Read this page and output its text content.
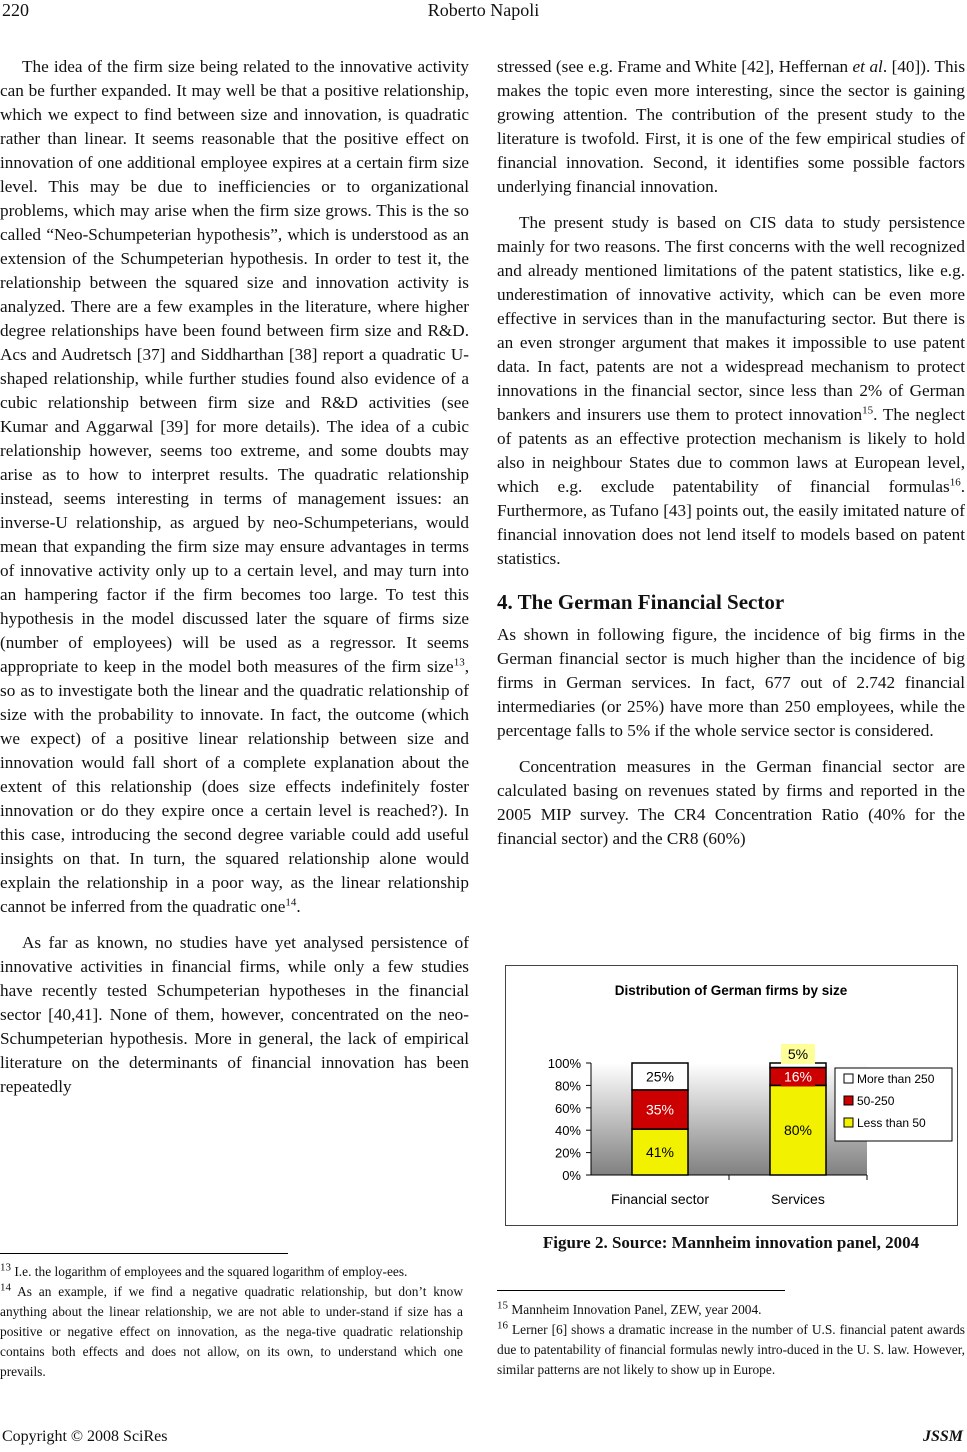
220	Roberto Napoli

The idea of the firm size being related to the innovative activity can be further expanded. It may well be that a positive relationship, which we expect to find between size and innovation, is quadratic rather than linear. It seems reasonable that the positive effect on innovation of one additional employee expires at a certain firm size level. This may be due to inefficiencies or to organizational problems, which may arise when the firm size grows. This is the so called “Neo-Schumpeterian hypothesis”, which is understood as an extension of the Schumpeterian hypothesis. In order to test it, the relationship between the squared size and innovation activity is analyzed. There are a few examples in the literature, where higher degree relationships have been found between firm size and R&D. Acs and Audretsch [37] and Siddharthan [38] report a quadratic U-shaped relationship, while further studies found also evidence of a cubic relationship between firm size and R&D activities (see Kumar and Aggarwal [39] for more details). The idea of a cubic relationship however, seems too extreme, and some doubts may arise as to how to interpret results. The quadratic relationship instead, seems interesting in terms of management issues: an inverse-U relationship, as argued by neo-Schumpeterians, would mean that expanding the firm size may ensure advantages in terms of innovative activity only up to a certain level, and may turn into an hampering factor if the firm becomes too large. To test this hypothesis in the model discussed later the square of firms size (number of employees) will be used as a regressor. It seems appropriate to keep in the model both measures of the firm size$^{13}$, so as to investigate both the linear and the quadratic relationship of size with the probability to innovate. In fact, the outcome (which we expect) of a positive linear relationship between size and innovation would fall short of a complete explanation about the extent of this relationship (does size effects indefinitely foster innovation or do they expire once a certain level is reached?). In this case, introducing the second degree variable could add useful insights on that. In turn, the squared relationship alone would explain the relationship in a poor way, as the linear relationship cannot be inferred from the quadratic one$^{14}$.

As far as known, no studies have yet analysed persistence of innovative activities in financial firms, while only a few studies have recently tested Schumpeterian hypotheses in the financial sector [40,41]. None of them, however, concentrated on the neo-Schumpeterian hypothesis. More in general, the lack of empirical literature on the determinants of financial innovation has been repeatedly

stressed (see e.g. Frame and White [42], Heffernan et al. [40]). This makes the topic even more interesting, since the sector is gaining growing attention. The contribution of the present study to the literature is twofold. First, it is one of the few empirical studies of financial innovation. Second, it identifies some possible factors underlying financial innovation.

The present study is based on CIS data to study persistence mainly for two reasons. The first concerns with the well recognized and already mentioned limitations of the patent statistics, like e.g. underestimation of innovative activity, which can be even more effective in services than in the manufacturing sector. But there is an even stronger argument that makes it impossible to use patent data. In fact, patents are not a widespread mechanism to protect innovations in the financial sector, since less than 2% of German bankers and insurers use them to protect innovation$^{15}$. The neglect of patents as an effective protection mechanism is likely to hold also in neighbour States due to common laws at European level, which e.g. exclude patentability of financial formulas$^{16}$. Furthermore, as Tufano [43] points out, the easily imitated nature of financial innovation does not lend itself to models based on patent statistics.

4. The German Financial Sector

As shown in following figure, the incidence of big firms in the German financial sector is much higher than the incidence of big firms in German services. In fact, 677 out of 2.742 financial intermediaries (or 25%) have more than 250 employees, while the percentage falls to 5% if the whole service sector is considered.

Concentration measures in the German financial sector are calculated basing on revenues stated by firms and reported in the 2005 MIP survey. The CR4 Concentration Ratio (40% for the financial sector) and the CR8 (60%)

Distribution of German firms by size
0%
20%
40%
60%
80%
100%
Financial sector	Services
41%
35%
25%
80%
16%
5%
More than 250
50-250
Less than 50
Figure 2. Source: Mannheim innovation panel, 2004

$^{13}$ I.e. the logarithm of employees and the squared logarithm of employ-ees.

$^{14}$ As an example, if we find a negative quadratic relationship, but don’t know anything about the linear relationship, we are not able to under-stand if size has a positive or negative effect on innovation, as the nega-tive quadratic relationship contains both effects and does not allow, on its own, to understand which one prevails.

$^{15}$ Mannheim Innovation Panel, ZEW, year 2004.

$^{16}$ Lerner [6] shows a dramatic increase in the number of U.S. financial patent awards due to patentability of financial formulas newly intro-duced in the U. S. law. However, similar patterns are not likely to show up in Europe.

Copyright © 2008 SciRes	JSSM
